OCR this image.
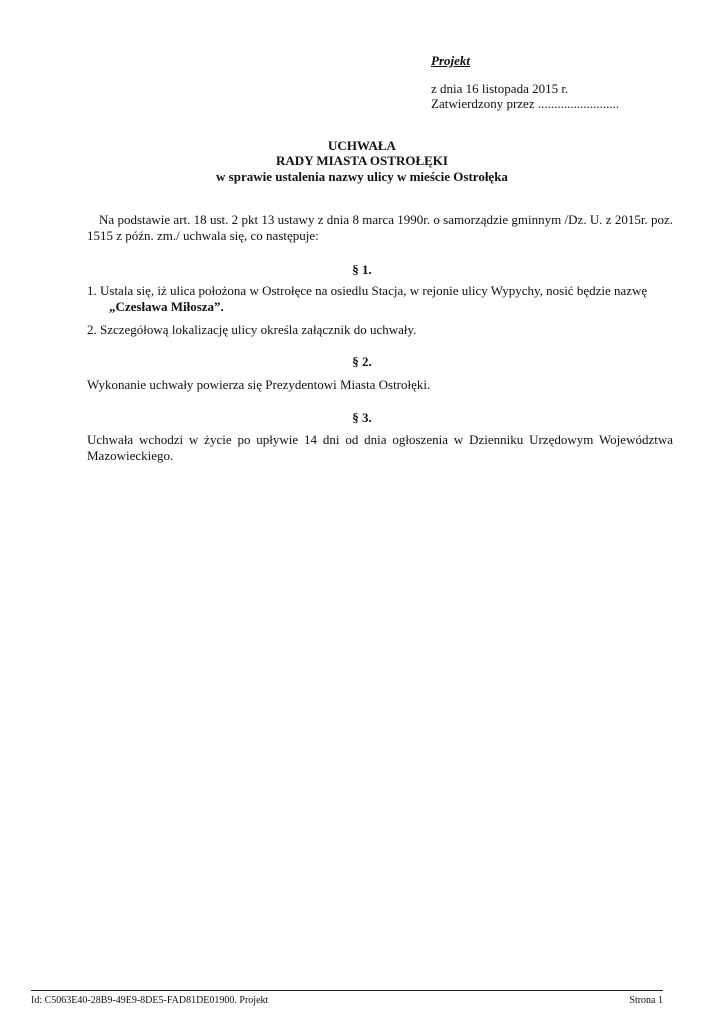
Projekt
z dnia 16 listopada 2015 r.
Zatwierdzony przez .........................
UCHWAŁA
RADY MIASTA OSTROŁĘKI
w sprawie ustalenia nazwy ulicy w mieście Ostrołęka
Na podstawie art. 18 ust. 2 pkt 13 ustawy z dnia 8 marca 1990r. o samorządzie gminnym /Dz. U. z 2015r. poz. 1515 z późn. zm./ uchwala się, co następuje:
§ 1.
1. Ustala się, iż ulica położona w Ostrołęce na osiedlu Stacja, w rejonie ulicy Wypychy, nosić będzie nazwę
„Czesława Miłosza”.
2. Szczegółową lokalizację ulicy określa załącznik do uchwały.
§ 2.
Wykonanie uchwały powierza się Prezydentowi Miasta Ostrołęki.
§ 3.
Uchwała wchodzi w życie po upływie 14 dni od dnia ogłoszenia w Dzienniku Urzędowym Województwa Mazowieckiego.
Id: C5063E40-28B9-49E9-8DE5-FAD81DE01900. Projekt	Strona 1
